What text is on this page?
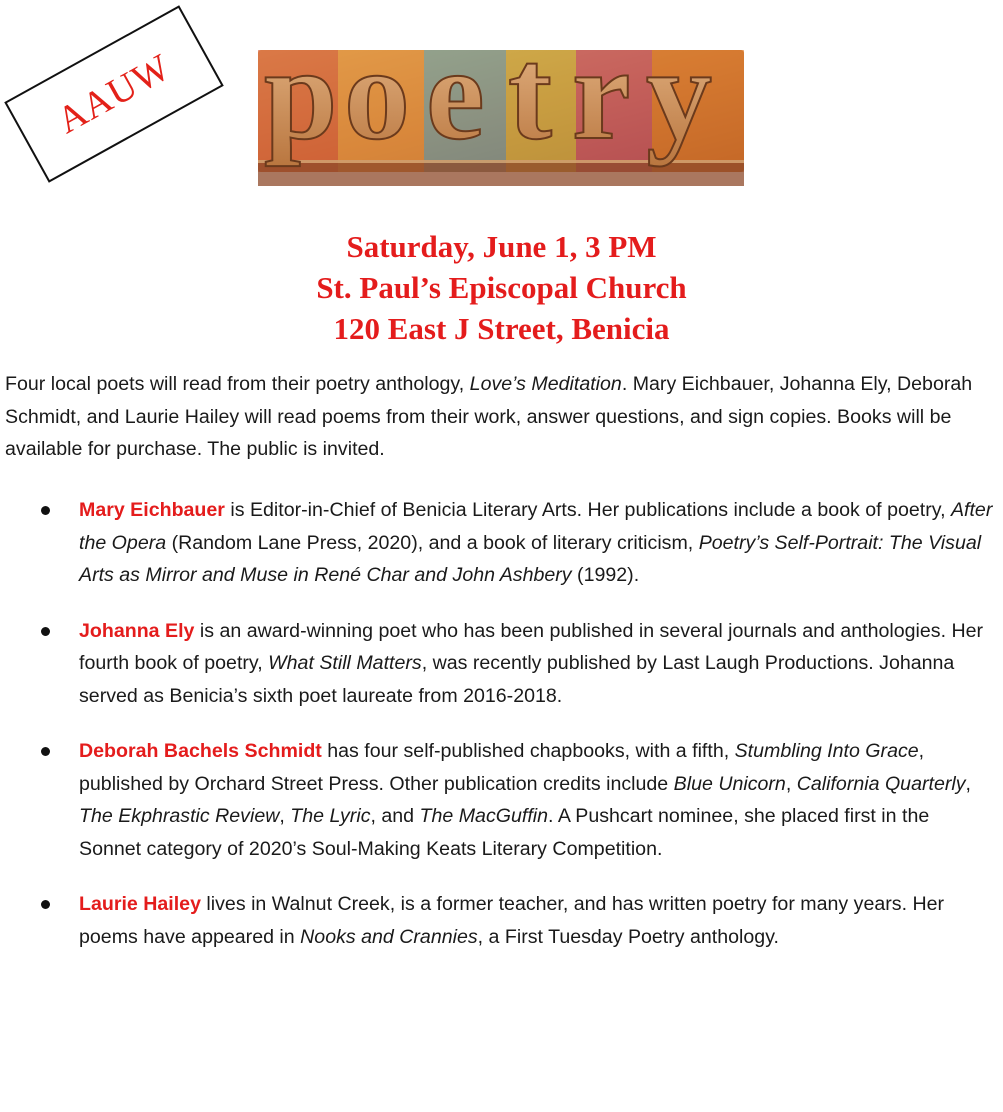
AAUW p o e t r y
Saturday, June 1, 3 PM
St. Paul’s Episcopal Church
120 East J Street, Benicia

Four local poets will read from their poetry anthology, Love’s Meditation. Mary Eichbauer, Johanna Ely, Deborah Schmidt, and Laurie Hailey will read poems from their work, answer questions, and sign copies. Books will be available for purchase. The public is invited.

Mary Eichbauer is Editor-in-Chief of Benicia Literary Arts. Her publications include a book of poetry, After the Opera (Random Lane Press, 2020), and a book of literary criticism, Poetry’s Self-Portrait: The Visual Arts as Mirror and Muse in René Char and John Ashbery (1992).
Johanna Ely is an award-winning poet who has been published in several journals and anthologies. Her fourth book of poetry, What Still Matters, was recently published by Last Laugh Productions. Johanna served as Benicia’s sixth poet laureate from 2016-2018.
Deborah Bachels Schmidt has four self-published chapbooks, with a fifth, Stumbling Into Grace, published by Orchard Street Press. Other publication credits include Blue Unicorn, California Quarterly, The Ekphrastic Review, The Lyric, and The MacGuffin. A Pushcart nominee, she placed first in the Sonnet category of 2020’s Soul-Making Keats Literary Competition.
Laurie Hailey lives in Walnut Creek, is a former teacher, and has written poetry for many years. Her poems have appeared in Nooks and Crannies, a First Tuesday Poetry anthology.
